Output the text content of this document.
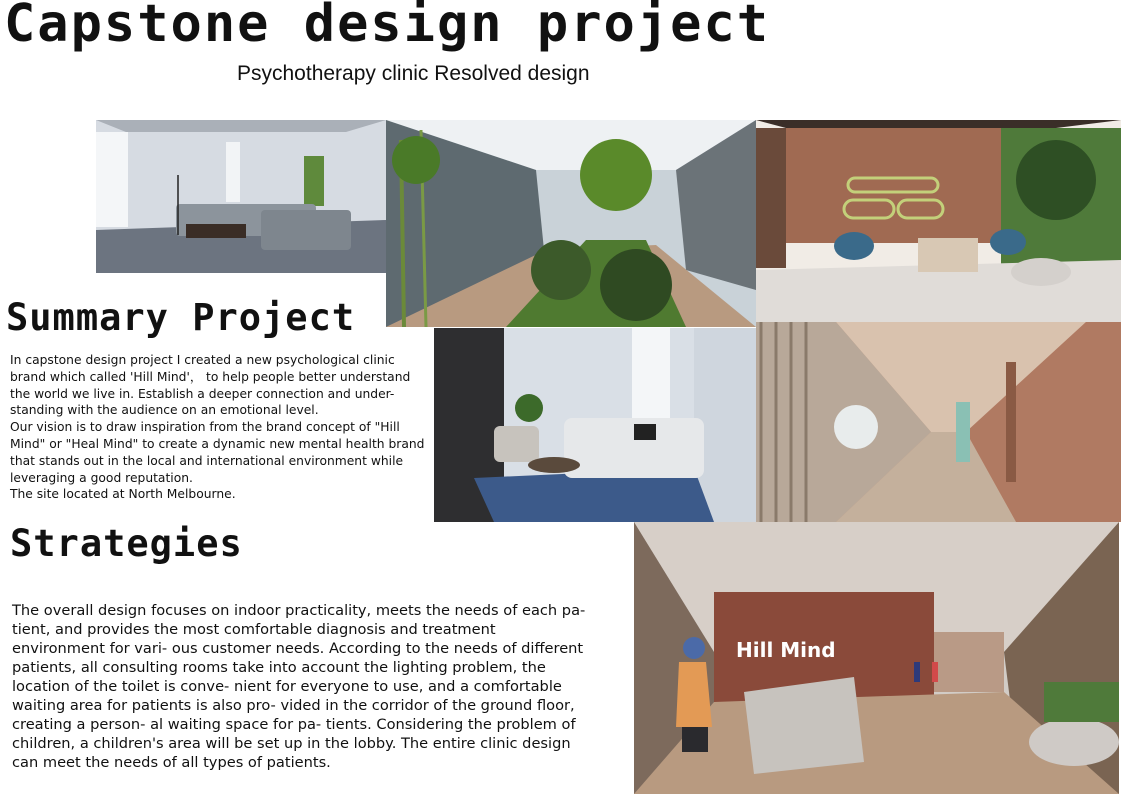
Capstone design project
Psychotherapy clinic Resolved design
Summary Project

In capstone design project I created a new psychological clinic brand which called 'Hill Mind'， to help people better understand the world we live in. Establish a deeper connection and under- standing with the audience on an emotional level.

Our vision is to draw inspiration from the brand concept of "Hill Mind" or "Heal Mind" to create a dynamic new mental health brand that stands out in the local and international environment while leveraging a good reputation.

The site located at North Melbourne.

Strategies
The overall design focuses on indoor practicality, meets the needs of each pa- tient, and provides the most comfortable diagnosis and treatment environment for vari- ous customer needs. According to the needs of different patients, all consulting rooms take into account the lighting problem, the location of the toilet is conve- nient for everyone to use, and a comfortable waiting area for patients is also pro- vided in the corridor of the ground floor, creating a person- al waiting space for pa- tients. Considering the problem of children, a children's area will be set up in the lobby. The entire clinic design can meet the needs of all types of patients.
Hill Mind
